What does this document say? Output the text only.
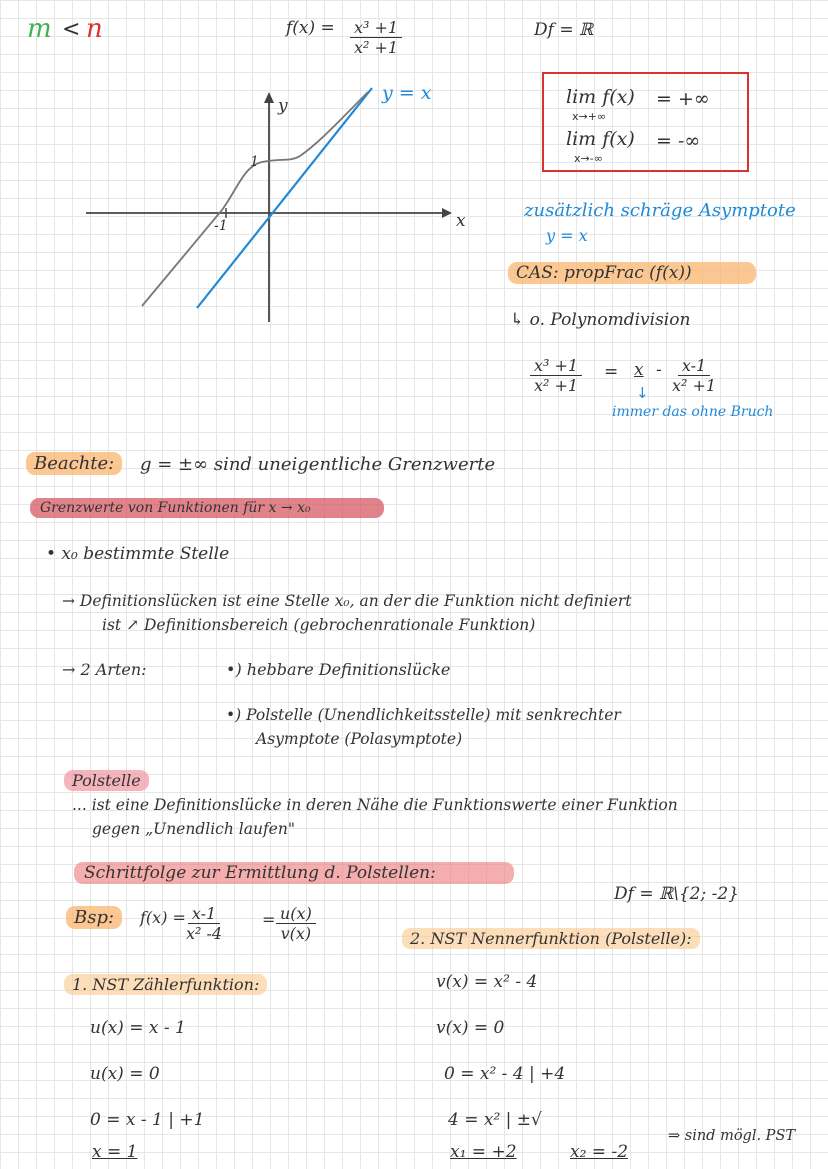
m < n	$f(x) = \frac{\text{x³ +1}}{\text{x² +1}}$	Df = ℝ
y
x
1
-1
y = x	lim f(x)
x→+∞
= +∞
lim f(x)
x→-∞
= -∞
zusätzlich schräge Asymptote
y = x
CAS: propFrac (f(x))
↳ o. Polynomdivision
$\frac{\text{x³ +1}}{\text{x² +1}} = x - \frac{x-1}{\text{x² +1}}$
↓
immer das ohne Bruch
Beachte:	g = ±∞ sind uneigentliche Grenzwerte
Grenzwerte von Funktionen für x → x₀
• x₀ bestimmte Stelle
→ Definitionslücken ist eine Stelle x₀, an der die Funktion nicht definiert
ist ↗ Definitionsbereich (gebrochenrationale Funktion)
→ 2 Arten:	•) hebbare Definitionslücke
•) Polstelle (Unendlichkeitsstelle) mit senkrechter
Asymptote (Polasymptote)
Polstelle
... ist eine Definitionslücke in deren Nähe die Funktionswerte einer Funktion
gegen „Unendlich laufen"
Schrittfolge zur Ermittlung d. Polstellen:
Df = ℝ\{2; -2}
Bsp:	f(x) =
$\frac{x-1}{\text{x² -4}} = \frac{u(x)}{v(x)}$
1. NST Zählerfunktion:
u(x) = x - 1
u(x) = 0
0 = x - 1 | +1
x = 1
2. NST Nennerfunktion (Polstelle):
v(x) = x² - 4
v(x) = 0
0 = x² - 4 | +4
4 = x² | ±√
x₁ = +2	x₂ = -2
⇒ sind mögl. PST
